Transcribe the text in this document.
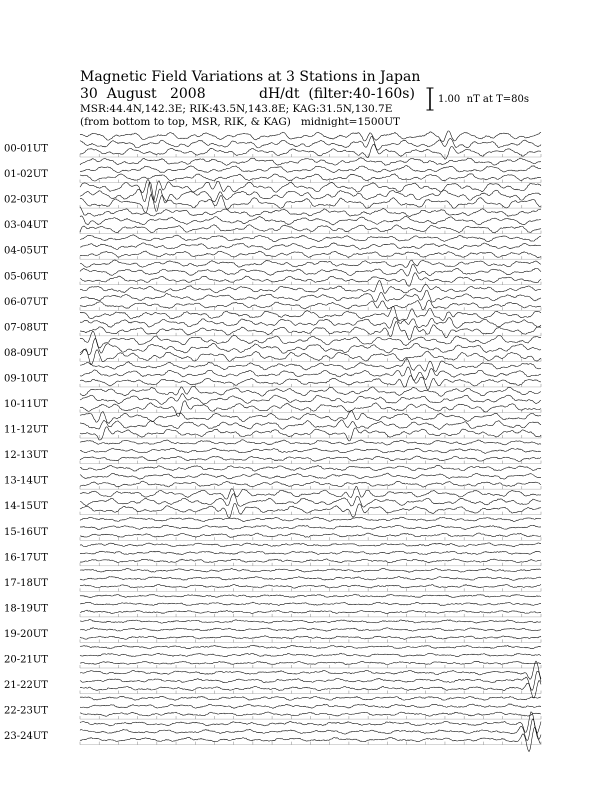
Magnetic Field Variations at 3 Stations in Japan
30  August   2008            dH/dt  (filter:40-160s)
MSR:44.4N,142.3E; RIK:43.5N,143.8E; KAG:31.5N,130.7E
(from bottom to top, MSR, RIK, & KAG)   midnight=1500UT
1.00  nT at T=80s
00-01UT
01-02UT
02-03UT
03-04UT
04-05UT
05-06UT
06-07UT
07-08UT
08-09UT
09-10UT
10-11UT
11-12UT
12-13UT
13-14UT
14-15UT
15-16UT
16-17UT
17-18UT
18-19UT
19-20UT
20-21UT
21-22UT
22-23UT
23-24UT
